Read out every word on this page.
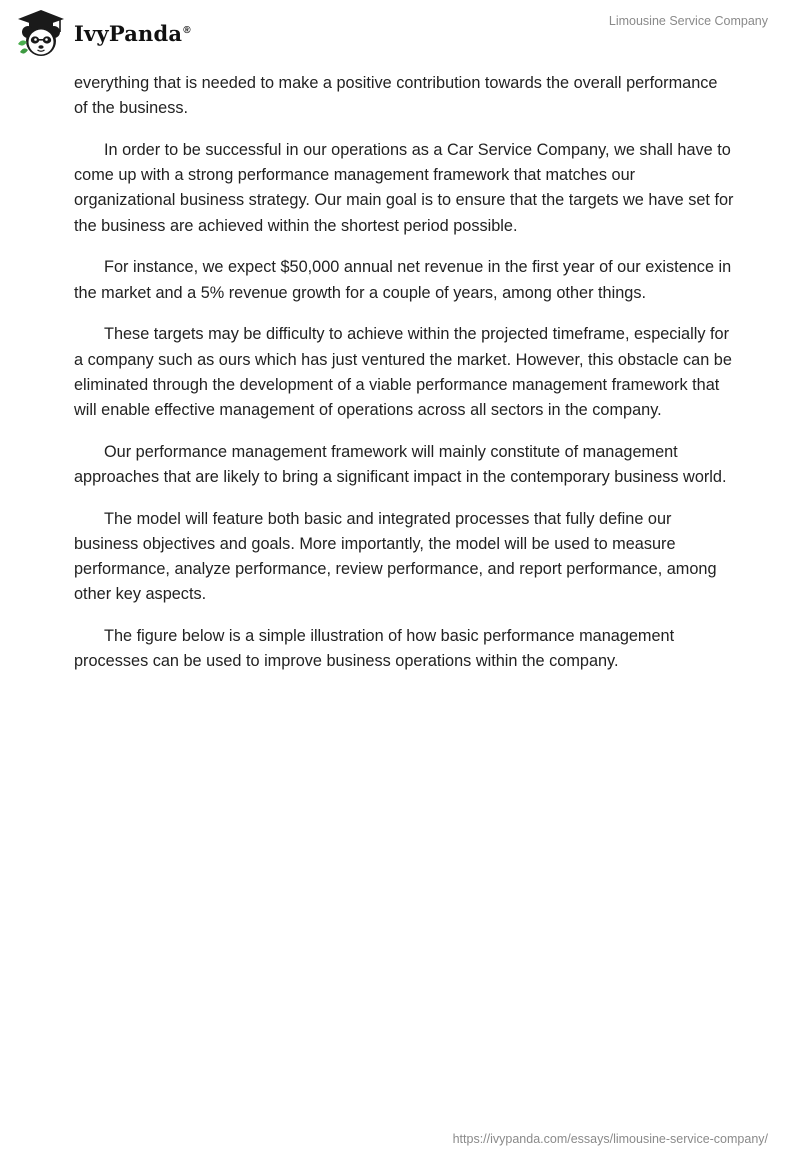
IvyPanda®
Limousine Service Company

everything that is needed to make a positive contribution towards the overall performance of the business.

In order to be successful in our operations as a Car Service Company, we shall have to come up with a strong performance management framework that matches our organizational business strategy. Our main goal is to ensure that the targets we have set for the business are achieved within the shortest period possible.

For instance, we expect $50,000 annual net revenue in the first year of our existence in the market and a 5% revenue growth for a couple of years, among other things.

These targets may be difficulty to achieve within the projected timeframe, especially for a company such as ours which has just ventured the market. However, this obstacle can be eliminated through the development of a viable performance management framework that will enable effective management of operations across all sectors in the company.

Our performance management framework will mainly constitute of management approaches that are likely to bring a significant impact in the contemporary business world.

The model will feature both basic and integrated processes that fully define our business objectives and goals. More importantly, the model will be used to measure performance, analyze performance, review performance, and report performance, among other key aspects.

The figure below is a simple illustration of how basic performance management processes can be used to improve business operations within the company.

https://ivypanda.com/essays/limousine-service-company/
